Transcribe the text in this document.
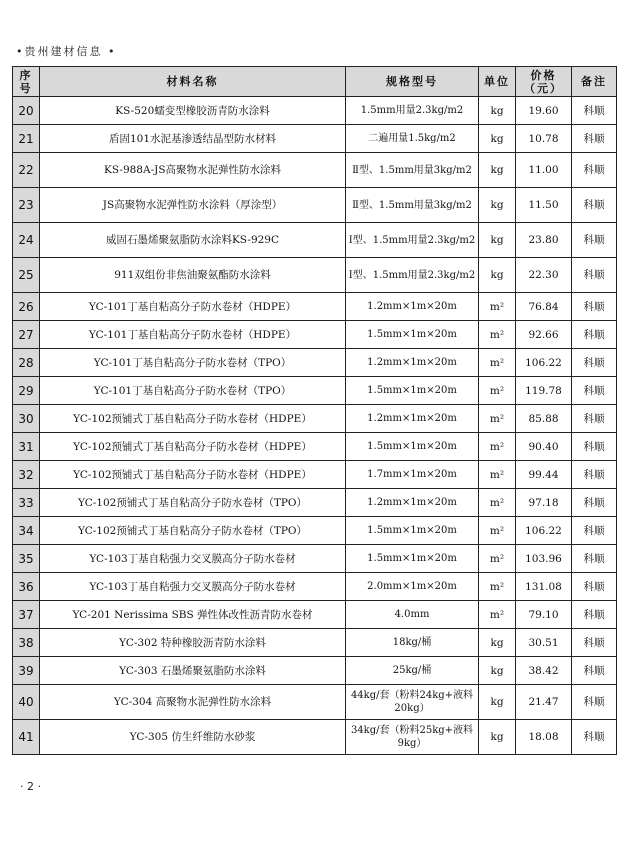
•贵州建材信息 •
序号	材料名称	规格型号	单位	价格（元）	备注
20	KS-520蠕变型橡胶沥青防水涂料	1.5mm用量2.3kg/m2	kg	19.60	科顺
21	盾固101水泥基渗透结晶型防水材料	二遍用量1.5kg/m2	kg	10.78	科顺
22	KS-988A-JS高聚物水泥弹性防水涂料	Ⅱ型、1.5mm用量3kg/m2	kg	11.00	科顺
23	JS高聚物水泥弹性防水涂料（厚涂型）	Ⅱ型、1.5mm用量3kg/m2	kg	11.50	科顺
24	威固石墨烯聚氨脂防水涂料KS-929C	Ⅰ型、1.5mm用量2.3kg/m2	kg	23.80	科顺
25	911双组份非焦油聚氨酯防水涂料	Ⅰ型、1.5mm用量2.3kg/m2	kg	22.30	科顺
26	YC-101丁基自粘高分子防水卷材（HDPE）	1.2mm×1m×20m	m²	76.84	科顺
27	YC-101丁基自粘高分子防水卷材（HDPE）	1.5mm×1m×20m	m²	92.66	科顺
28	YC-101丁基自粘高分子防水卷材（TPO）	1.2mm×1m×20m	m²	106.22	科顺
29	YC-101丁基自粘高分子防水卷材（TPO）	1.5mm×1m×20m	m²	119.78	科顺
30	YC-102预铺式丁基自粘高分子防水卷材（HDPE）	1.2mm×1m×20m	m²	85.88	科顺
31	YC-102预铺式丁基自粘高分子防水卷材（HDPE）	1.5mm×1m×20m	m²	90.40	科顺
32	YC-102预铺式丁基自粘高分子防水卷材（HDPE）	1.7mm×1m×20m	m²	99.44	科顺
33	YC-102预铺式丁基自粘高分子防水卷材（TPO）	1.2mm×1m×20m	m²	97.18	科顺
34	YC-102预铺式丁基自粘高分子防水卷材（TPO）	1.5mm×1m×20m	m²	106.22	科顺
35	YC-103丁基自粘强力交叉膜高分子防水卷材	1.5mm×1m×20m	m²	103.96	科顺
36	YC-103丁基自粘强力交叉膜高分子防水卷材	2.0mm×1m×20m	m²	131.08	科顺
37	YC-201 Nerissima SBS 弹性体改性沥青防水卷材	4.0mm	m²	79.10	科顺
38	YC-302 特种橡胶沥青防水涂料	18kg/桶	kg	30.51	科顺
39	YC-303 石墨烯聚氨脂防水涂料	25kg/桶	kg	38.42	科顺
40	YC-304 高聚物水泥弹性防水涂料	44kg/套（粉料24kg+液料20kg）	kg	21.47	科顺
41	YC-305 仿生纤维防水砂浆	34kg/套（粉料25kg+液料9kg）	kg	18.08	科顺
· 2 ·
